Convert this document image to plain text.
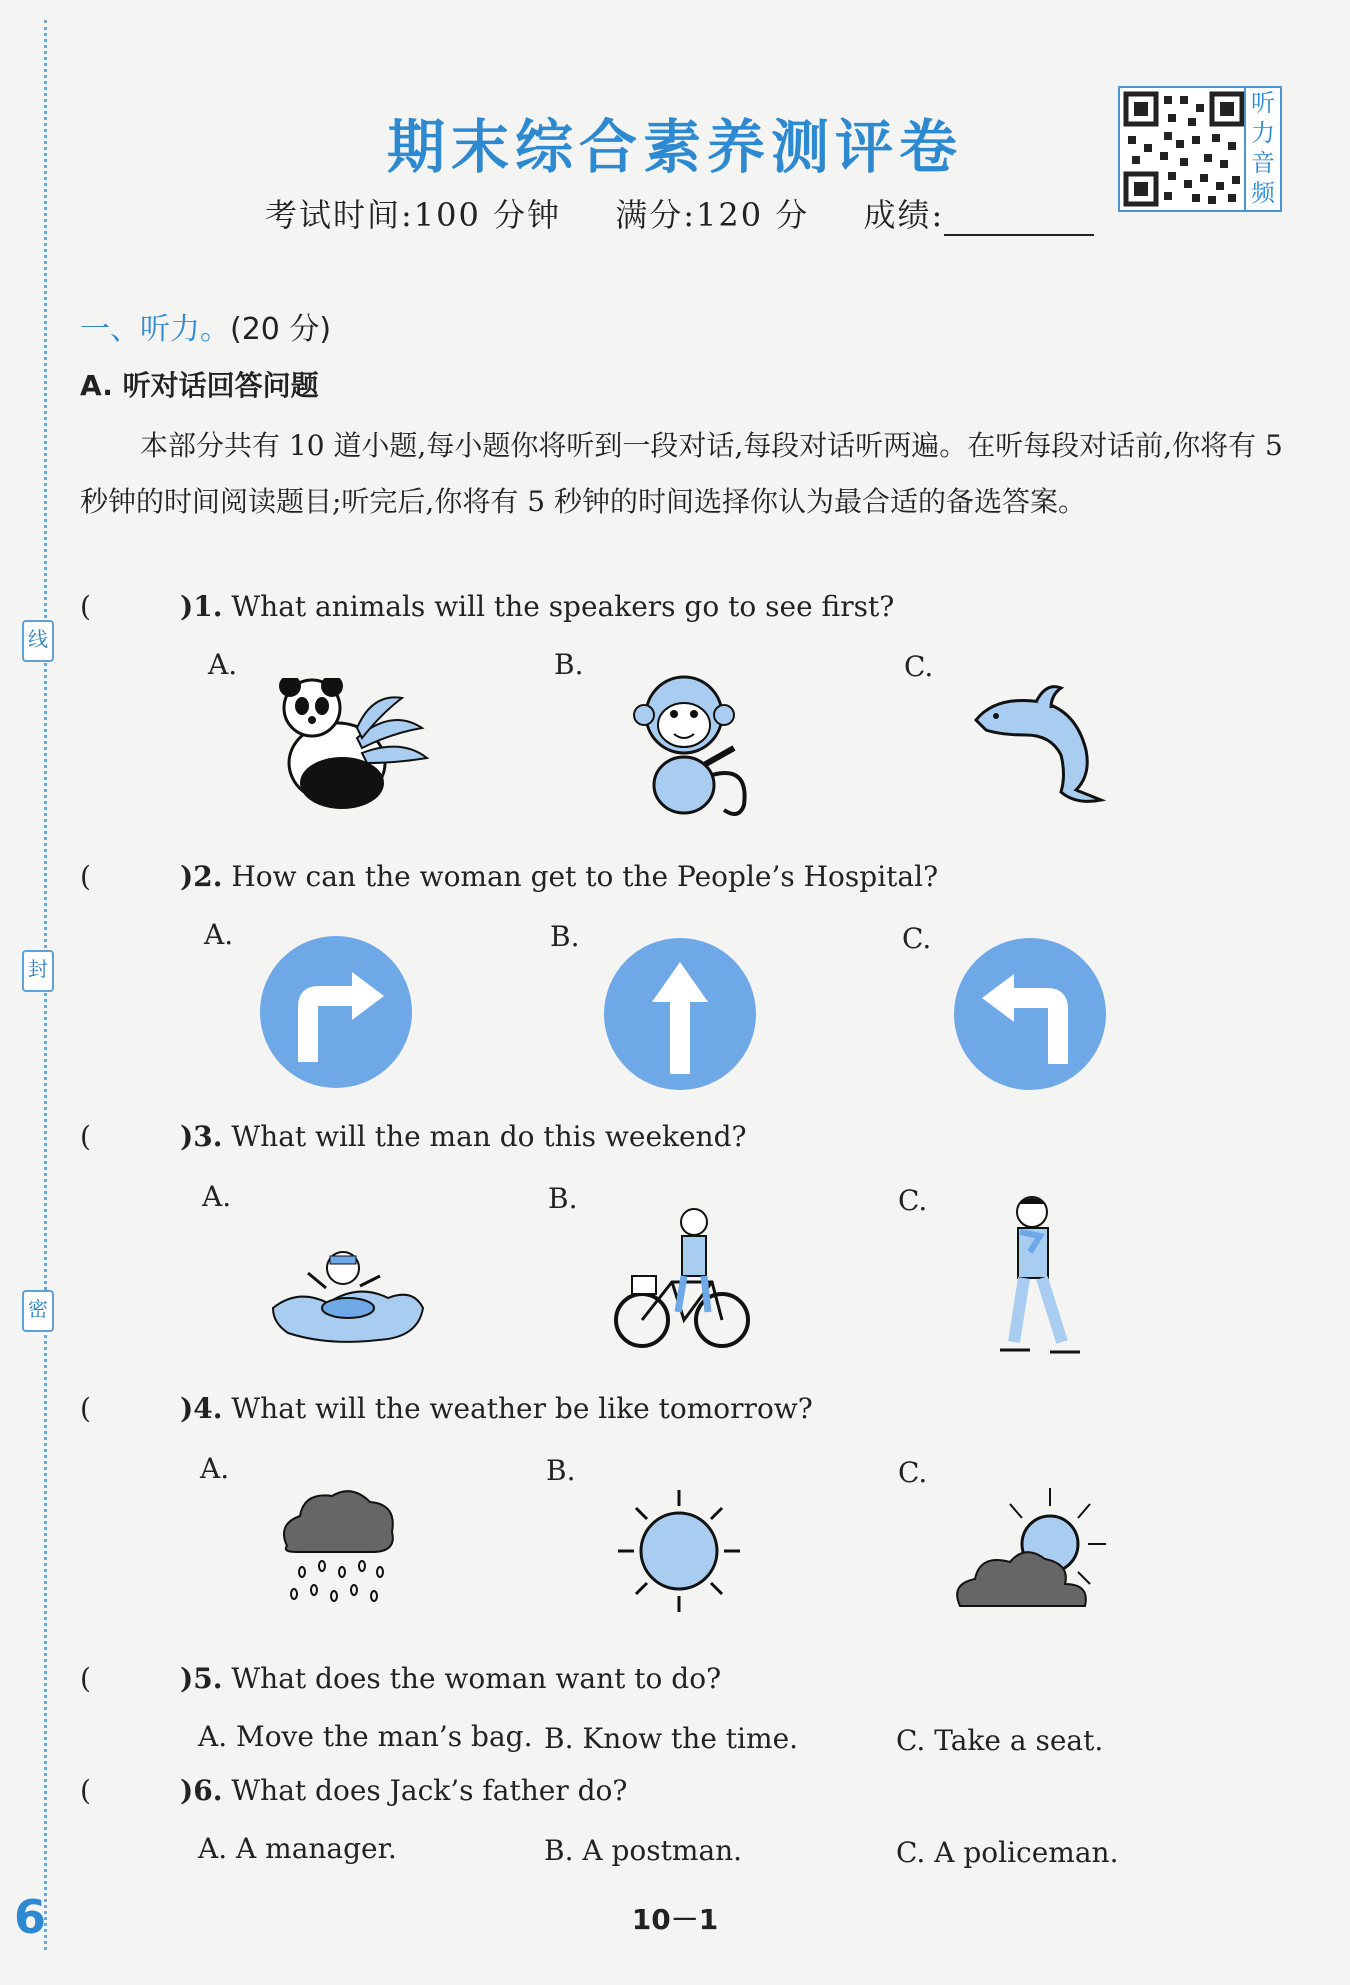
线
封
密
期末综合素养测评卷
听力音频
考试时间:100 分钟 满分:120 分 成绩:
一、听力。(20 分)
A. 听对话回答问题
本部分共有 10 道小题,每小题你将听到一段对话,每段对话听两遍。在听每段对话前,你将有 5 秒钟的时间阅读题目;听完后,你将有 5 秒钟的时间选择你认为最合适的备选答案。
(	)1. What animals will the speakers go to see first?
A.	B.	C.
(	)2. How can the woman get to the People’s Hospital?
A.	B.	C.
(	)3. What will the man do this weekend?
A.	B.	C.
(	)4. What will the weather be like tomorrow?
A.	B.	C.
(	)5. What does the woman want to do?
A. Move the man’s bag. B. Know the time.	C. Take a seat.
(	)6. What does Jack’s father do?
A. A manager.	B. A postman.	C. A policeman.
10－1
6
